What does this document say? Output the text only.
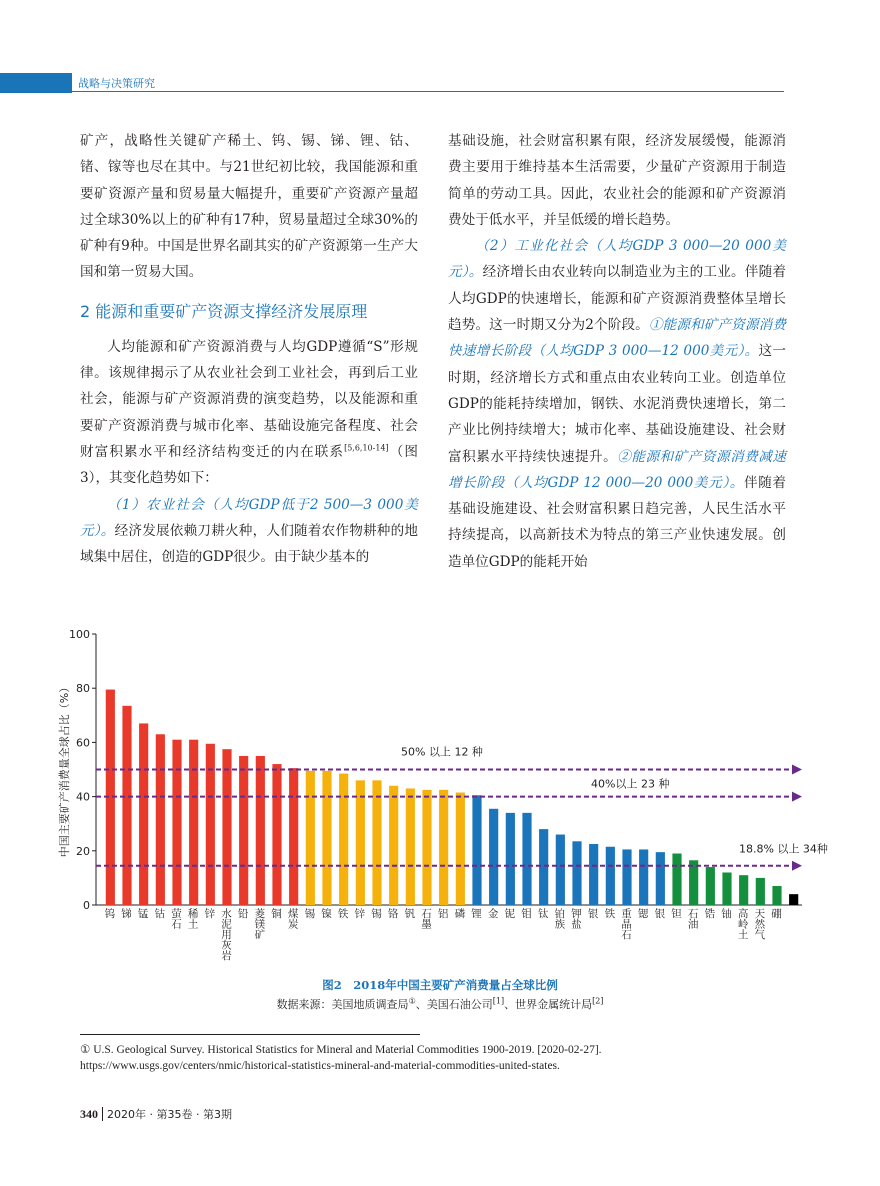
战略与决策研究

矿产，战略性关键矿产稀土、钨、锡、锑、锂、钴、锗、镓等也尽在其中。与21世纪初比较，我国能源和重要矿资源产量和贸易量大幅提升，重要矿产资源产量超过全球30%以上的矿种有17种，贸易量超过全球30%的矿种有9种。中国是世界名副其实的矿产资源第一生产大国和第一贸易大国。

2 能源和重要矿产资源支撑经济发展原理

人均能源和矿产资源消费与人均GDP遵循“S”形规律。该规律揭示了从农业社会到工业社会，再到后工业社会，能源与矿产资源消费的演变趋势，以及能源和重要矿产资源消费与城市化率、基础设施完备程度、社会财富积累水平和经济结构变迁的内在联系[5,6,10-14]（图3），其变化趋势如下：

（1）农业社会（人均GDP低于2 500—3 000美元）。经济发展依赖刀耕火种，人们随着农作物耕种的地域集中居住，创造的GDP很少。由于缺少基本的

基础设施，社会财富积累有限，经济发展缓慢，能源消费主要用于维持基本生活需要，少量矿产资源用于制造简单的劳动工具。因此，农业社会的能源和矿产资源消费处于低水平，并呈低缓的增长趋势。

（2）工业化社会（人均GDP 3 000—20 000美元）。经济增长由农业转向以制造业为主的工业。伴随着人均GDP的快速增长，能源和矿产资源消费整体呈增长趋势。这一时期又分为2个阶段。①能源和矿产资源消费快速增长阶段（人均GDP 3 000—12 000美元）。这一时期，经济增长方式和重点由农业转向工业。创造单位GDP的能耗持续增加，钢铁、水泥消费快速增长，第二产业比例持续增大；城市化率、基础设施建设、社会财富积累水平持续快速提升。②能源和矿产资源消费减速增长阶段（人均GDP 12 000—20 000美元）。伴随着基础设施建设、社会财富积累日趋完善，人民生活水平持续提高，以高新技术为特点的第三产业快速发展。创造单位GDP的能耗开始

0
20
40
60
80
100
中国主要矿产消费量全球占比（%）
钨 锑 锰 钴 萤石 稀土 锌 水泥用灰岩 铅 菱镁矿 铜 煤炭 锡 镍 铁 锌 锡 铬 钒 石墨 铝 磷 锂 金 铌 钼 钛 铂族 钾盐 银 铁 重晶石 锶 银 钽 石油 锆 铀 高岭土 天然气 硼
50% 以上 12 种
40%以上 23 种
18.8% 以上 34种
图2　2018年中国主要矿产消费量占全球比例
数据来源：美国地质调查局①、美国石油公司[1]、世界金属统计局[2]
① U.S. Geological Survey. Historical Statistics for Mineral and Material Commodities 1900-2019. [2020-02-27]. https://www.usgs.gov/centers/nmic/historical-statistics-mineral-and-material-commodities-united-states.
340 2020年 · 第35卷 · 第3期
